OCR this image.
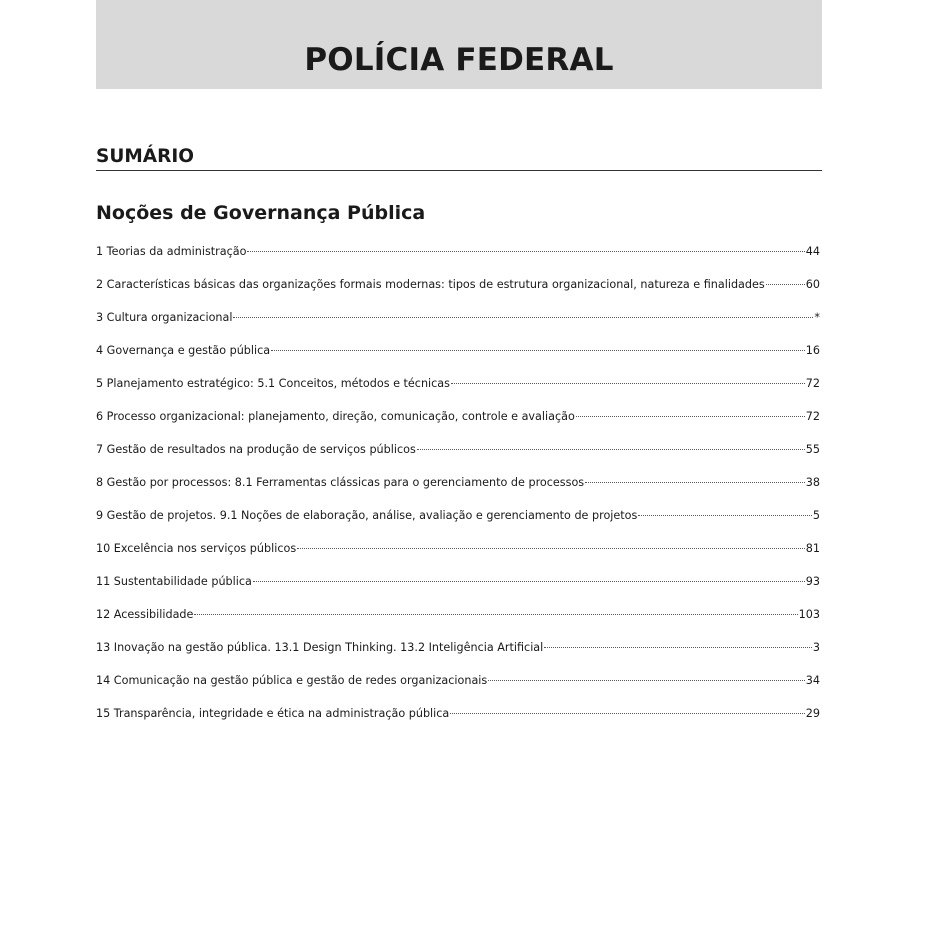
POLÍCIA FEDERAL
SUMÁRIO
Noções de Governança Pública
1 Teorias da administração	44
2 Características básicas das organizações formais modernas: tipos de estrutura organizacional, natureza e finalidades	60
3 Cultura organizacional	*
4 Governança e gestão pública	16
5 Planejamento estratégico: 5.1 Conceitos, métodos e técnicas	72
6 Processo organizacional: planejamento, direção, comunicação, controle e avaliação	72
7 Gestão de resultados na produção de serviços públicos	55
8 Gestão por processos: 8.1 Ferramentas clássicas para o gerenciamento de processos	38
9 Gestão de projetos. 9.1 Noções de elaboração, análise, avaliação e gerenciamento de projetos	5
10 Excelência nos serviços públicos	81
11 Sustentabilidade pública	93
12 Acessibilidade	103
13 Inovação na gestão pública. 13.1 Design Thinking. 13.2 Inteligência Artificial	3
14 Comunicação na gestão pública e gestão de redes organizacionais	34
15 Transparência, integridade e ética na administração pública	29
